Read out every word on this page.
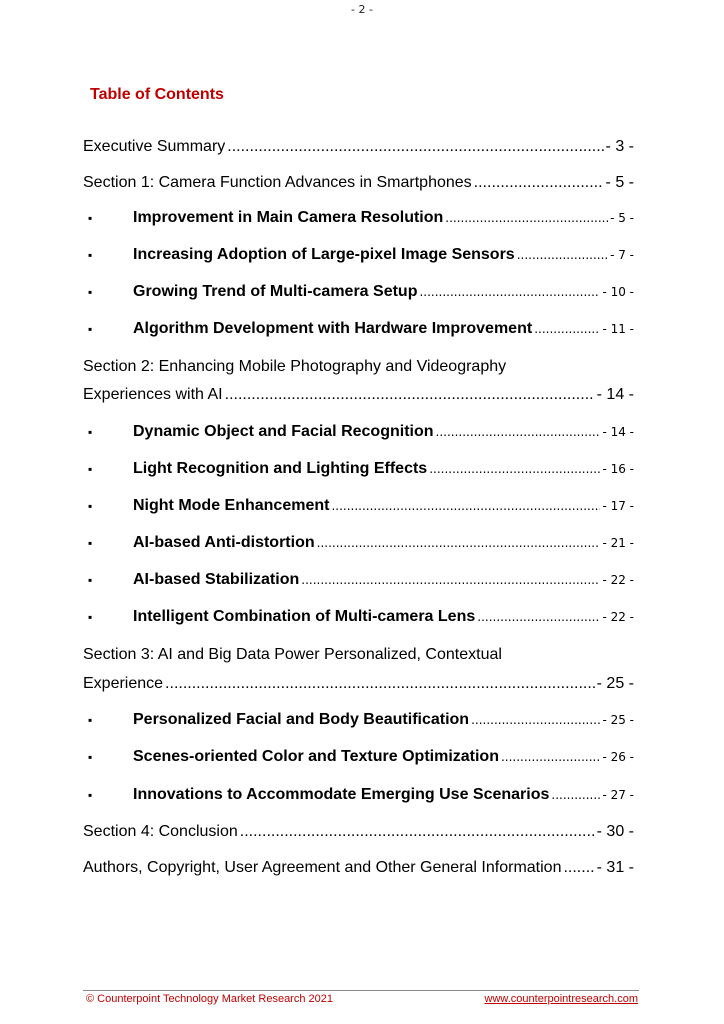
- 2 -
Table of Contents
Executive Summary .....	- 3 -
Section 1: Camera Function Advances in Smartphones .....	- 5 -
▪	Improvement in Main Camera Resolution .....	- 5 -
▪	Increasing Adoption of Large-pixel Image Sensors .....	- 7 -
▪	Growing Trend of Multi-camera Setup .....	- 10 -
▪	Algorithm Development with Hardware Improvement .....	- 11 -
Section 2: Enhancing Mobile Photography and Videography
Experiences with AI .....	- 14 -
▪	Dynamic Object and Facial Recognition .....	- 14 -
▪	Light Recognition and Lighting Effects .....	- 16 -
▪	Night Mode Enhancement .....	- 17 -
▪	AI-based Anti-distortion .....	- 21 -
▪	AI-based Stabilization .....	- 22 -
▪	Intelligent Combination of Multi-camera Lens .....	- 22 -
Section 3: AI and Big Data Power Personalized, Contextual
Experience .....	- 25 -
▪	Personalized Facial and Body Beautification .....	- 25 -
▪	Scenes-oriented Color and Texture Optimization .....	- 26 -
▪	Innovations to Accommodate Emerging Use Scenarios .....	- 27 -
Section 4: Conclusion .....	- 30 -
Authors, Copyright, User Agreement and Other General Information ..... - 31 -
© Counterpoint Technology Market Research 2021	www.counterpointresearch.com
